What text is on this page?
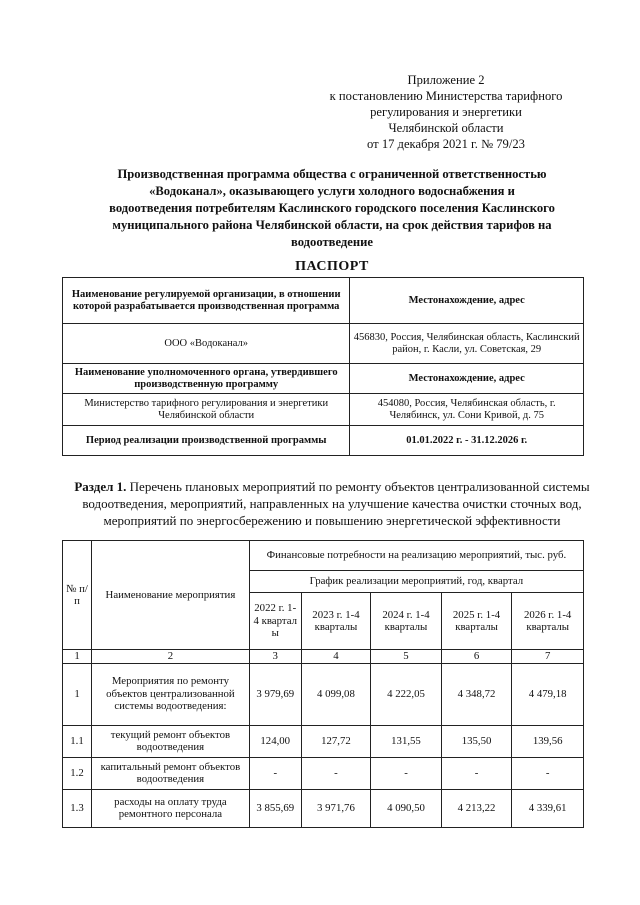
Приложение 2
к постановлению Министерства тарифного
регулирования и энергетики
Челябинской области
от 17 декабря 2021 г. № 79/23
Производственная программа общества с ограниченной ответственностью
«Водоканал», оказывающего услуги холодного водоснабжения и
водоотведения потребителям Каслинского городского поселения Каслинского
муниципального района Челябинской области, на срок действия тарифов на
водоотведение
ПАСПОРТ
Наименование регулируемой организации, в отношении которой разрабатывается производственная программа	Местонахождение, адрес
ООО «Водоканал»	456830, Россия, Челябинская область, Каслинский район, г. Касли, ул. Советская, 29
Наименование уполномоченного органа, утвердившего производственную программу	Местонахождение, адрес
Министерство тарифного регулирования и энергетики Челябинской области	454080, Россия, Челябинская область, г. Челябинск, ул. Сони Кривой, д. 75
Период реализации производственной программы	01.01.2022 г. - 31.12.2026 г.
Раздел 1. Перечень плановых мероприятий по ремонту объектов централизованной системы водоотведения, мероприятий, направленных на улучшение качества очистки сточных вод, мероприятий по энергосбережению и повышению энергетической эффективности
№ п/п	Наименование мероприятия	Финансовые потребности на реализацию мероприятий, тыс. руб.				
		График реализации мероприятий, год, квартал				
		2022 г. 1-4 квартал ы	2023 г. 1-4 кварталы	2024 г. 1-4 кварталы	2025 г. 1-4 кварталы	2026 г. 1-4 кварталы
1	2	3	4	5	6	7
1	Мероприятия по ремонту объектов централизованной системы водоотведения:	3 979,69	4 099,08	4 222,05	4 348,72	4 479,18
1.1	текущий ремонт объектов водоотведения	124,00	127,72	131,55	135,50	139,56
1.2	капитальный ремонт объектов водоотведения	-	-	-	-	-
1.3	расходы на оплату труда ремонтного персонала	3 855,69	3 971,76	4 090,50	4 213,22	4 339,61
